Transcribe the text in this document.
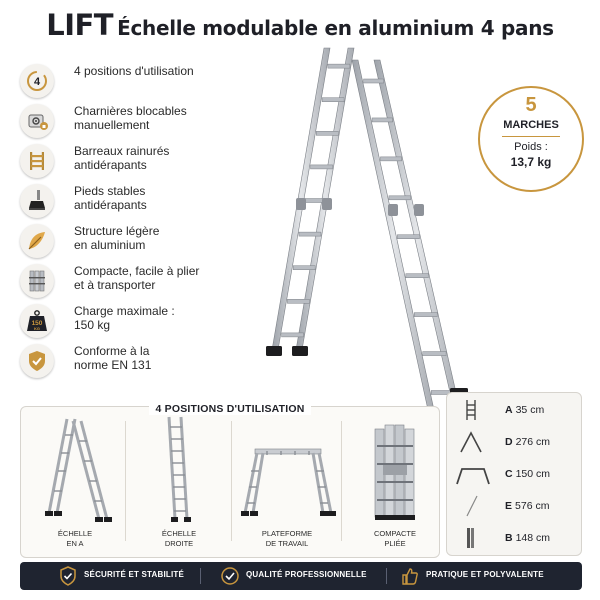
LIFT Échelle modulable en aluminium 4 pans
4
4 positions d'utilisation
Charnières blocables
manuellement
Barreaux rainurés
antidérapants
Pieds stables
antidérapants
Structure légère
en aluminium
Compacte, facile à plier
et à transporter
150
KG
Charge maximale :
150 kg
Conforme à la
norme EN 131
5
MARCHES
Poids :
13,7 kg
4 POSITIONS D'UTILISATION
ÉCHELLE
EN A
ÉCHELLE
DROITE
PLATEFORME
DE TRAVAIL
COMPACTE
PLIÉE
A 35 cm
D 276 cm
C 150 cm
E 576 cm
B 148 cm
SÉCURITÉ ET STABILITÉ	QUALITÉ PROFESSIONNELLE	PRATIQUE ET POLYVALENTE
